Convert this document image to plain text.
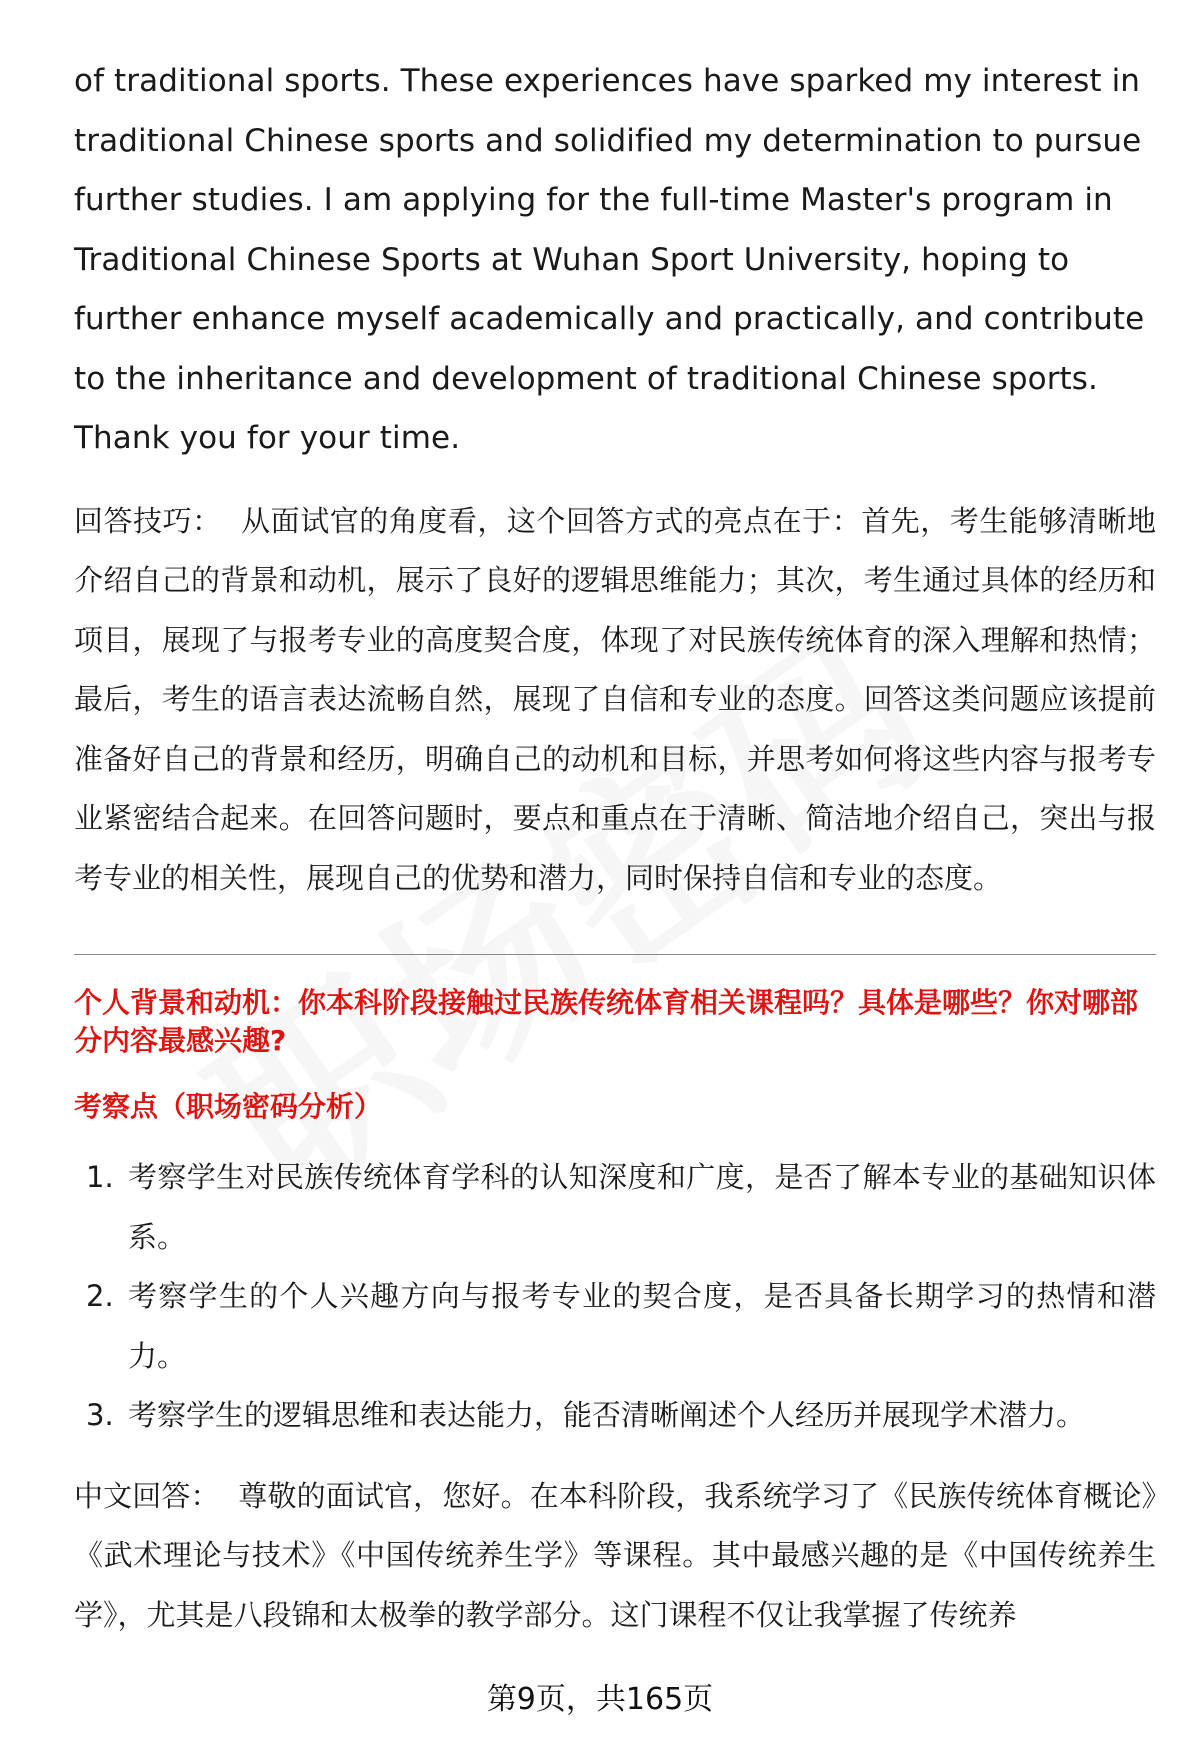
of traditional sports. These experiences have sparked my interest in traditional Chinese sports and solidified my determination to pursue further studies. I am applying for the full-time Master's program in Traditional Chinese Sports at Wuhan Sport University, hoping to further enhance myself academically and practically, and contribute to the inheritance and development of traditional Chinese sports. Thank you for your time.

回答技巧： 从面试官的角度看，这个回答方式的亮点在于：首先，考生能够清晰地介绍自己的背景和动机，展示了良好的逻辑思维能力；其次，考生通过具体的经历和项目，展现了与报考专业的高度契合度，体现了对民族传统体育的深入理解和热情；最后，考生的语言表达流畅自然，展现了自信和专业的态度。回答这类问题应该提前准备好自己的背景和经历，明确自己的动机和目标，并思考如何将这些内容与报考专业紧密结合起来。在回答问题时，要点和重点在于清晰、简洁地介绍自己，突出与报考专业的相关性，展现自己的优势和潜力，同时保持自信和专业的态度。

个人背景和动机：你本科阶段接触过民族传统体育相关课程吗？具体是哪些？你对哪部分内容最感兴趣?

考察点（职场密码分析）

1. 考察学生对民族传统体育学科的认知深度和广度，是否了解本专业的基础知识体系。
2. 考察学生的个人兴趣方向与报考专业的契合度，是否具备长期学习的热情和潜力。
3. 考察学生的逻辑思维和表达能力，能否清晰阐述个人经历并展现学术潜力。

中文回答： 尊敬的面试官，您好。在本科阶段，我系统学习了《民族传统体育概论》《武术理论与技术》《中国传统养生学》等课程。其中最感兴趣的是《中国传统养生学》，尤其是八段锦和太极拳的教学部分。这门课程不仅让我掌握了传统养

第9页，共165页
